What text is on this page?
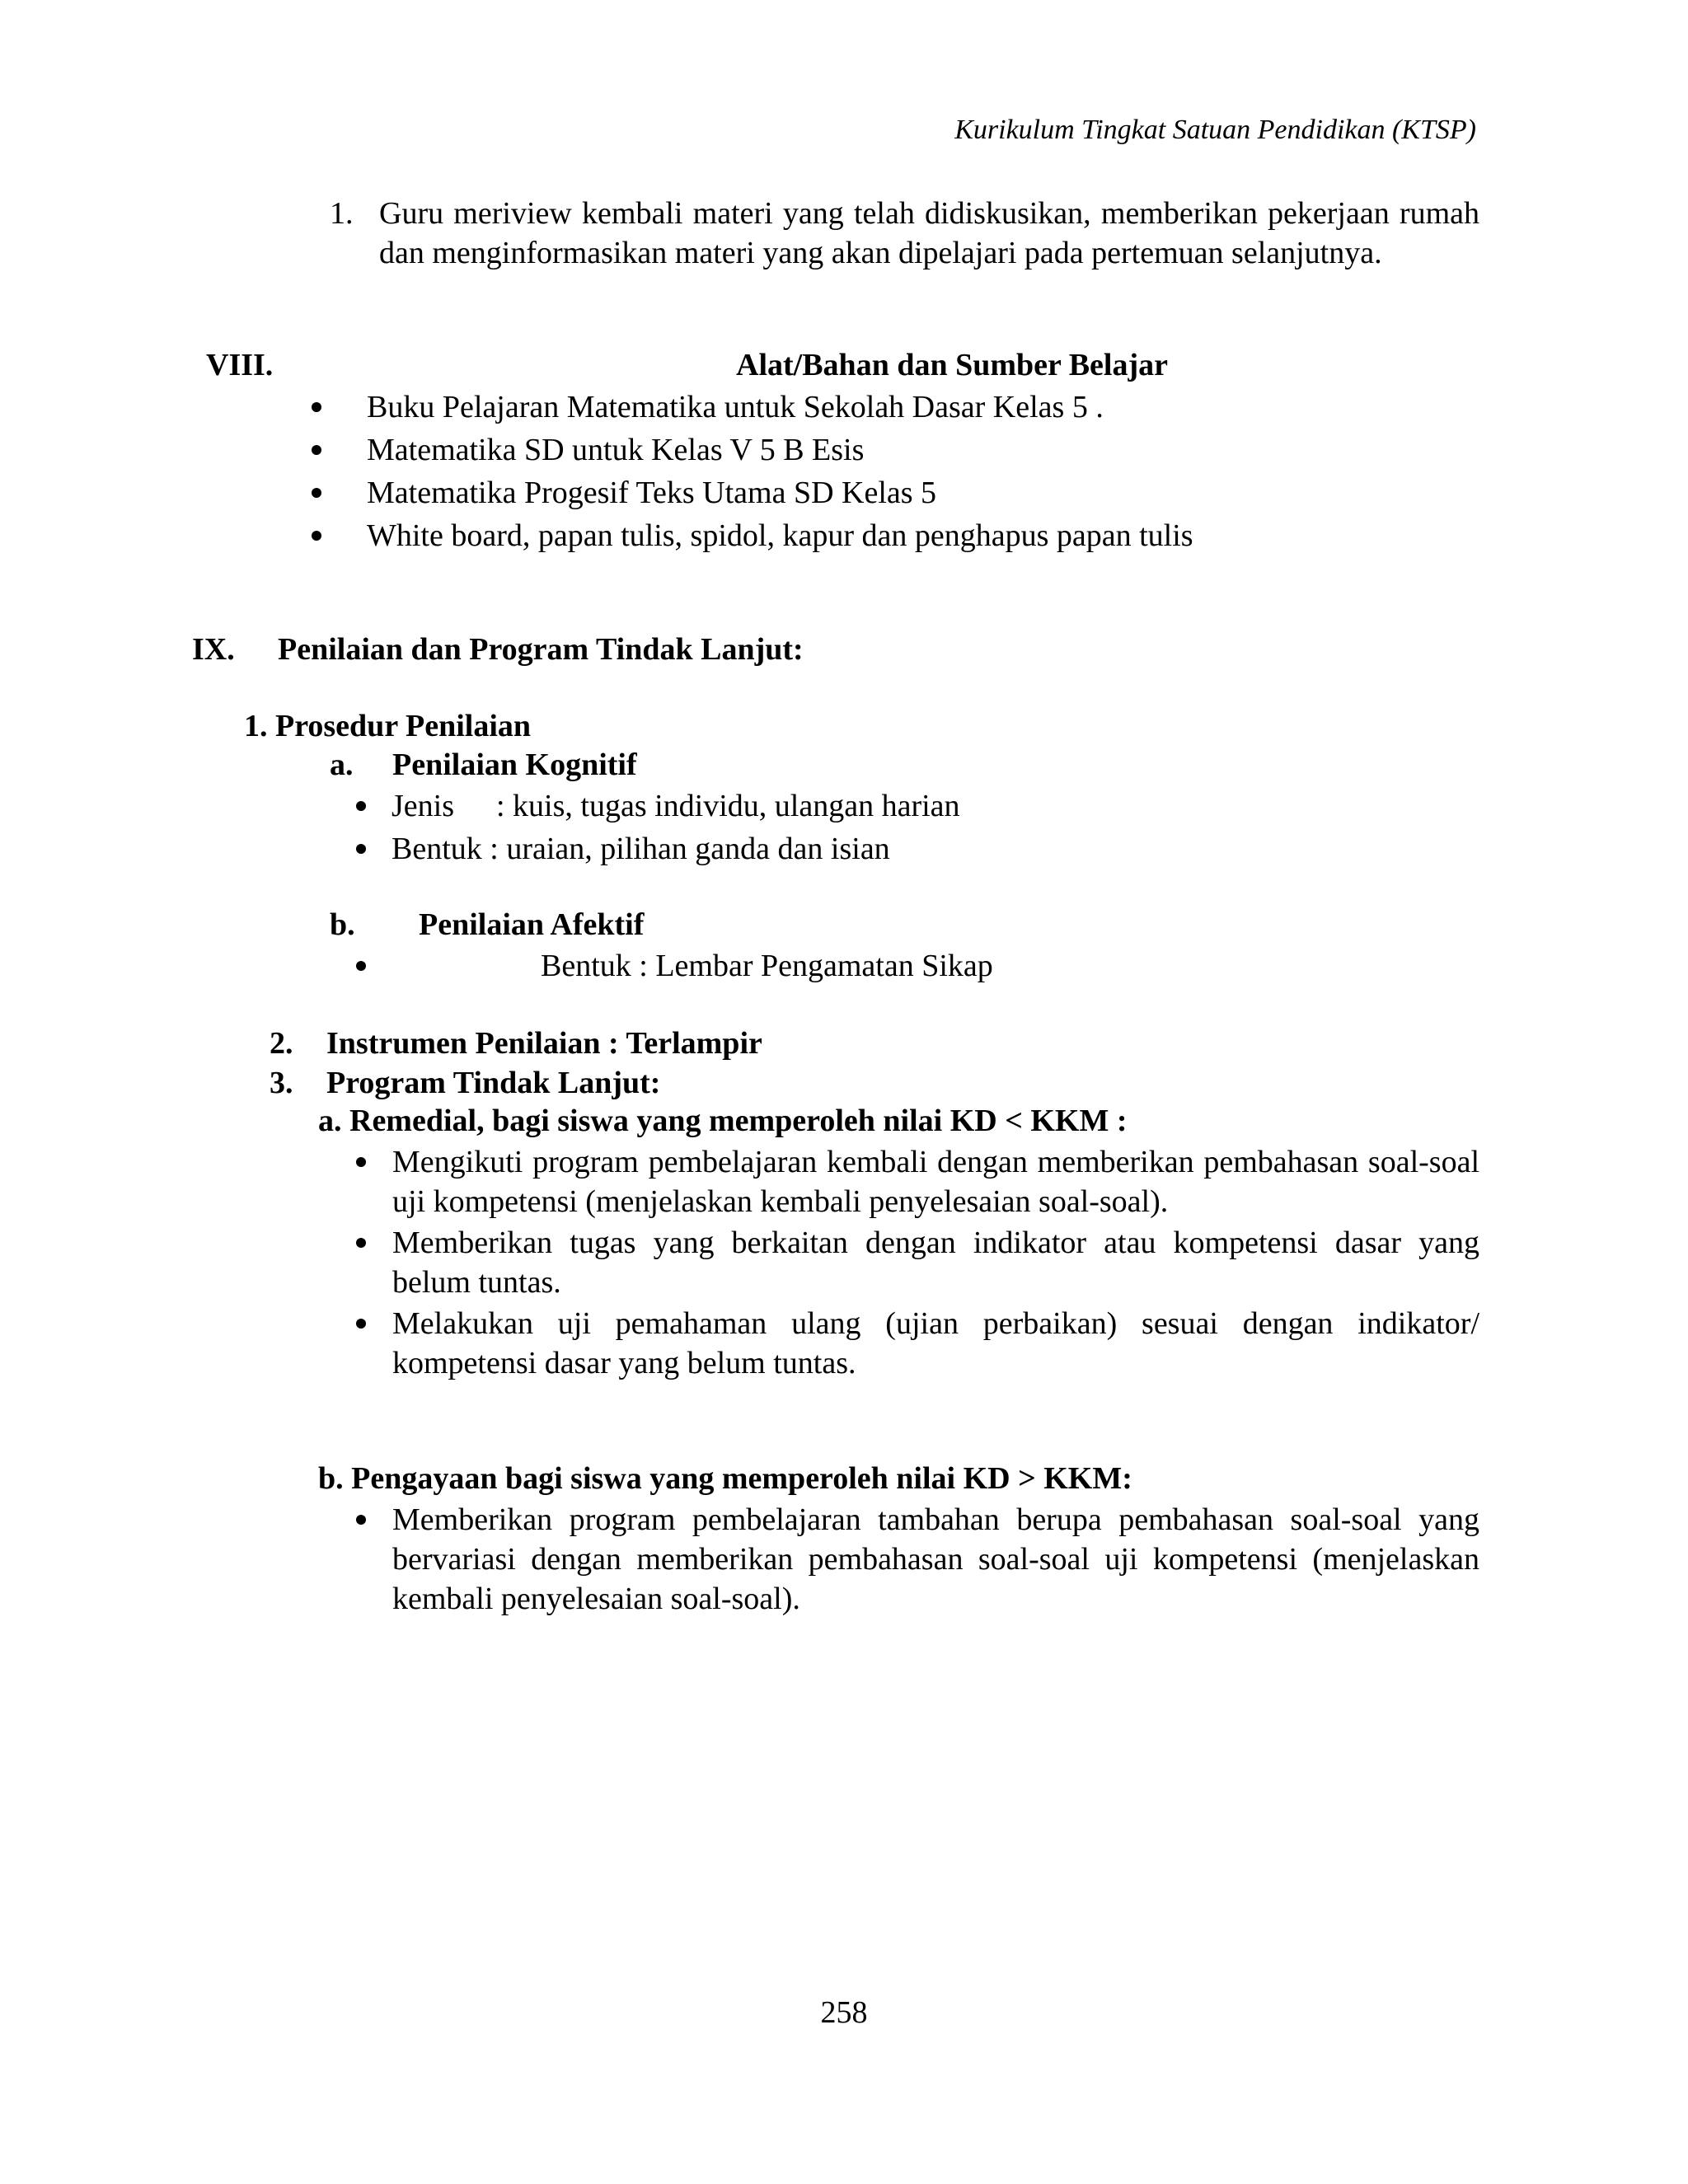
Kurikulum Tingkat Satuan Pendidikan (KTSP)
1. Guru meriview kembali materi yang telah didiskusikan, memberikan pekerjaan rumah dan menginformasikan materi yang akan dipelajari pada pertemuan selanjutnya.
VIII.	Alat/Bahan dan Sumber Belajar
Buku Pelajaran Matematika untuk Sekolah Dasar Kelas 5 .
Matematika SD untuk Kelas V 5 B Esis
Matematika Progesif Teks Utama SD Kelas 5
White board, papan tulis, spidol, kapur dan penghapus papan tulis
IX. Penilaian dan Program Tindak Lanjut:
1. Prosedur Penilaian
a. Penilaian Kognitif
Jenis : kuis, tugas individu, ulangan harian
Bentuk : uraian, pilihan ganda dan isian
b. Penilaian Afektif
Bentuk : Lembar Pengamatan Sikap
2. Instrumen Penilaian : Terlampir
3. Program Tindak Lanjut:
a. Remedial, bagi siswa yang memperoleh nilai KD < KKM :
Mengikuti program pembelajaran kembali dengan memberikan pembahasan soal-soal uji kompetensi (menjelaskan kembali penyelesaian soal-soal).
Memberikan tugas yang berkaitan dengan indikator atau kompetensi dasar yang belum tuntas.
Melakukan uji pemahaman ulang (ujian perbaikan) sesuai dengan indikator/ kompetensi dasar yang belum tuntas.
b. Pengayaan bagi siswa yang memperoleh nilai KD > KKM:
Memberikan program pembelajaran tambahan berupa pembahasan soal-soal yang bervariasi dengan memberikan pembahasan soal-soal uji kompetensi (menjelaskan kembali penyelesaian soal-soal).
258
